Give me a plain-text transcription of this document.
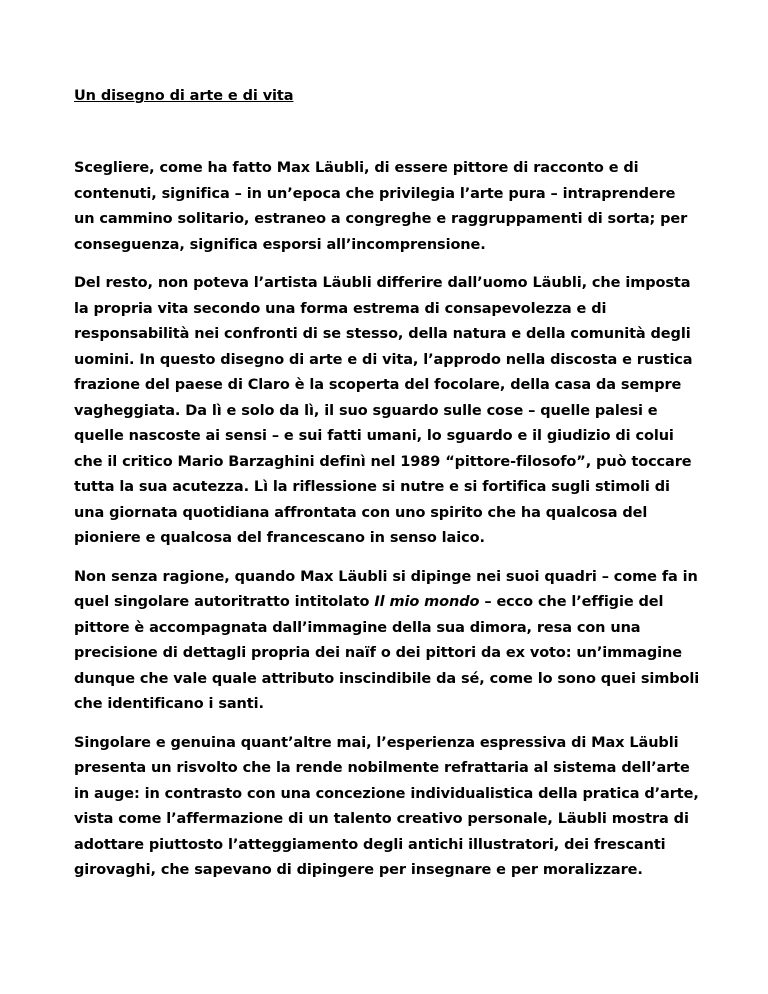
Un disegno di arte e di vita

Scegliere, come ha fatto Max Läubli, di essere pittore di racconto e di contenuti, significa – in un’epoca che privilegia l’arte pura – intraprendere un cammino solitario, estraneo a congreghe e raggruppamenti di sorta; per conseguenza, significa esporsi all’incomprensione.

Del resto, non poteva l’artista Läubli differire dall’uomo Läubli, che imposta la propria vita secondo una forma estrema di consapevolezza e di responsabilità nei confronti di se stesso, della natura e della comunità degli uomini. In questo disegno di arte e di vita, l’approdo nella discosta e rustica frazione del paese di Claro è la scoperta del focolare, della casa da sempre vagheggiata. Da lì e solo da lì, il suo sguardo sulle cose – quelle palesi e quelle nascoste ai sensi – e sui fatti umani, lo sguardo e il giudizio di colui che il critico Mario Barzaghini definì nel 1989 “pittore-filosofo”, può toccare tutta la sua acutezza. Lì la riflessione si nutre e si fortifica sugli stimoli di una giornata quotidiana affrontata con uno spirito che ha qualcosa del pioniere e qualcosa del francescano in senso laico.

Non senza ragione, quando Max Läubli si dipinge nei suoi quadri – come fa in quel singolare autoritratto intitolato Il mio mondo – ecco che l’effigie del pittore è accompagnata dall’immagine della sua dimora, resa con una precisione di dettagli propria dei naïf o dei pittori da ex voto: un’immagine dunque che vale quale attributo inscindibile da sé, come lo sono quei simboli che identificano i santi.

Singolare e genuina quant’altre mai, l’esperienza espressiva di Max Läubli presenta un risvolto che la rende nobilmente refrattaria al sistema dell’arte in auge: in contrasto con una concezione individualistica della pratica d’arte, vista come l’affermazione di un talento creativo personale, Läubli mostra di adottare piuttosto l’atteggiamento degli antichi illustratori, dei frescanti girovaghi, che sapevano di dipingere per insegnare e per moralizzare.
